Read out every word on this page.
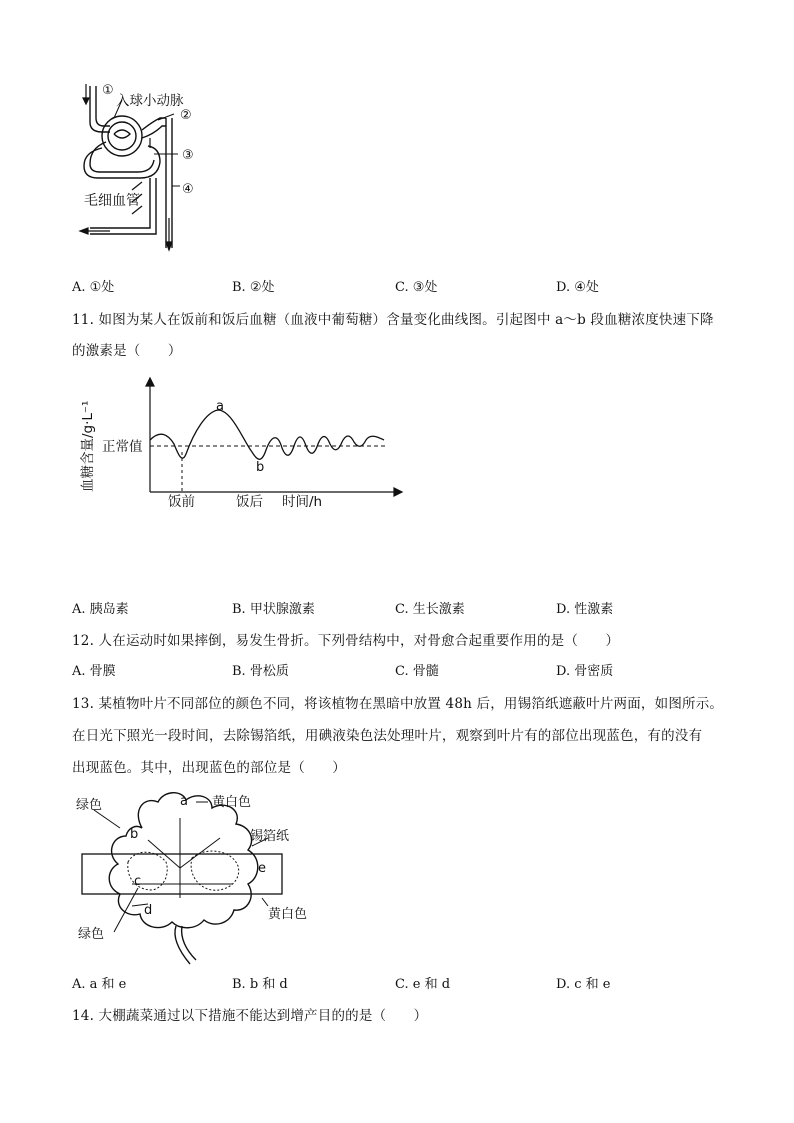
①
入球小动脉
②
③
④
毛细血管
A. ①处	B. ②处	C. ③处	D. ④处
11. 如图为某人在饭前和饭后血糖（血液中葡萄糖）含量变化曲线图。引起图中 a～b 段血糖浓度快速下降
的激素是（　　）
a
b
正常值
饭前	饭后 时间/h
血糖含量/g·L⁻¹
A. 胰岛素	B. 甲状腺激素	C. 生长激素	D. 性激素
12. 人在运动时如果摔倒，易发生骨折。下列骨结构中，对骨愈合起重要作用的是（　　）
A. 骨膜	B. 骨松质	C. 骨髓	D. 骨密质
13. 某植物叶片不同部位的颜色不同，将该植物在黑暗中放置 48h 后，用锡箔纸遮蔽叶片两面，如图所示。
在日光下照光一段时间，去除锡箔纸，用碘液染色法处理叶片，观察到叶片有的部位出现蓝色，有的没有
出现蓝色。其中，出现蓝色的部位是（　　）
绿色	a 黄白色
锡箔纸
b
c
d
e
黄白色
绿色
A. a 和 e	B. b 和 d	C. e 和 d	D. c 和 e
14. 大棚蔬菜通过以下措施不能达到增产目的的是（　　）
